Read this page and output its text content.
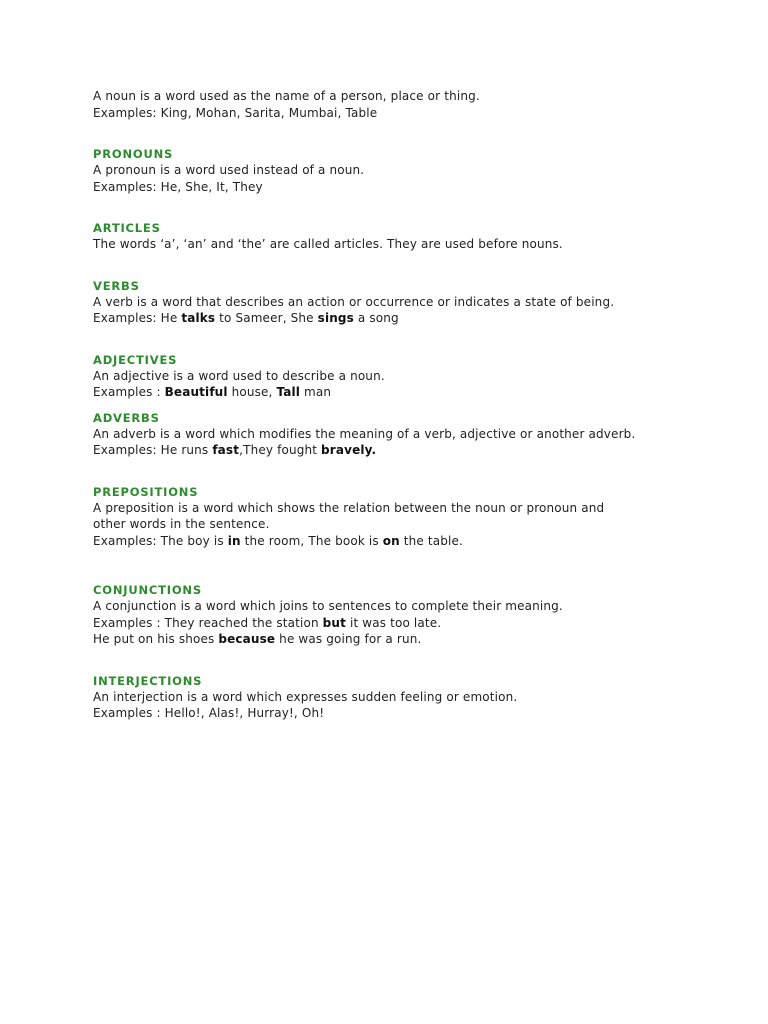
A noun is a word used as the name of a person, place or thing.
Examples: King, Mohan, Sarita, Mumbai, Table
PRONOUNS
A pronoun is a word used instead of a noun.
Examples: He, She, It, They
ARTICLES
The words ‘a’, ‘an’ and ‘the’ are called articles. They are used before nouns.
VERBS
A verb is a word that describes an action or occurrence or indicates a state of being.
Examples: He talks to Sameer, She sings a song
ADJECTIVES
An adjective is a word used to describe a noun.
Examples : Beautiful house, Tall man
ADVERBS
An adverb is a word which modifies the meaning of a verb, adjective or another adverb.
Examples: He runs fast,They fought bravely.
PREPOSITIONS
A preposition is a word which shows the relation between the noun or pronoun and
other words in the sentence.
Examples: The boy is in the room, The book is on the table.
CONJUNCTIONS
A conjunction is a word which joins to sentences to complete their meaning.
Examples : They reached the station but it was too late.
He put on his shoes because he was going for a run.
INTERJECTIONS
An interjection is a word which expresses sudden feeling or emotion.
Examples : Hello!, Alas!, Hurray!, Oh!
